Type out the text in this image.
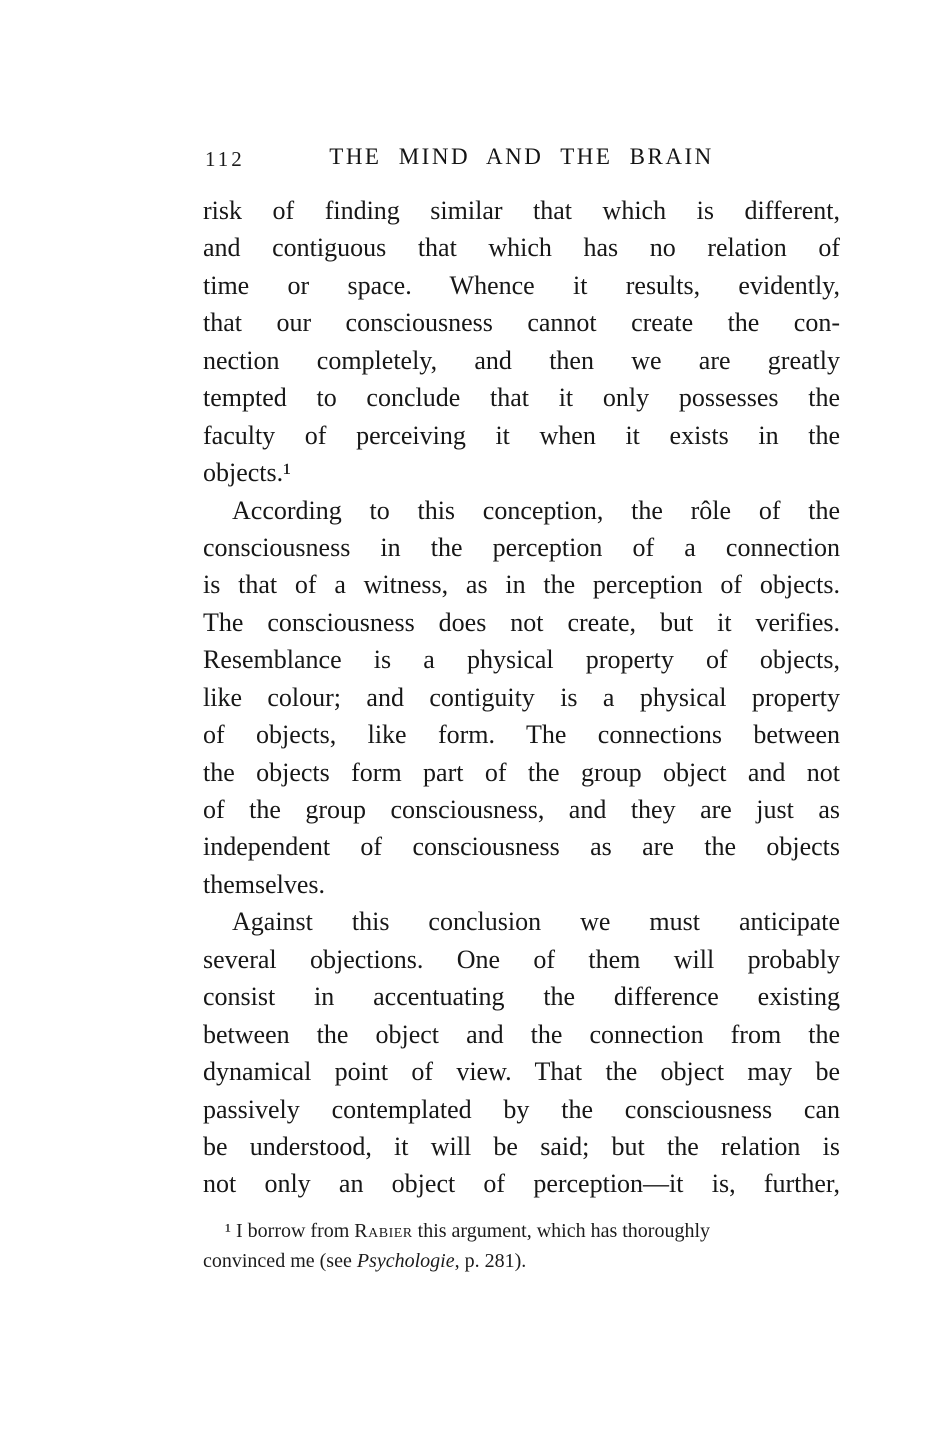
112	THE MIND AND THE BRAIN
risk of finding similar that which is different,
and contiguous that which has no relation of
time or space. Whence it results, evidently,
that our consciousness cannot create the con-
nection completely, and then we are greatly
tempted to conclude that it only possesses the
faculty of perceiving it when it exists in the
objects.¹
According to this conception, the rôle of the
consciousness in the perception of a connection
is that of a witness, as in the perception of objects.
The consciousness does not create, but it verifies.
Resemblance is a physical property of objects,
like colour; and contiguity is a physical property
of objects, like form. The connections between
the objects form part of the group object and not
of the group consciousness, and they are just as
independent of consciousness as are the objects
themselves.
Against this conclusion we must anticipate
several objections. One of them will probably
consist in accentuating the difference existing
between the object and the connection from the
dynamical point of view. That the object may be
passively contemplated by the consciousness can
be understood, it will be said; but the relation is
not only an object of perception—it is, further,
¹ I borrow from Rabier this argument, which has thoroughly
convinced me (see Psychologie, p. 281).
